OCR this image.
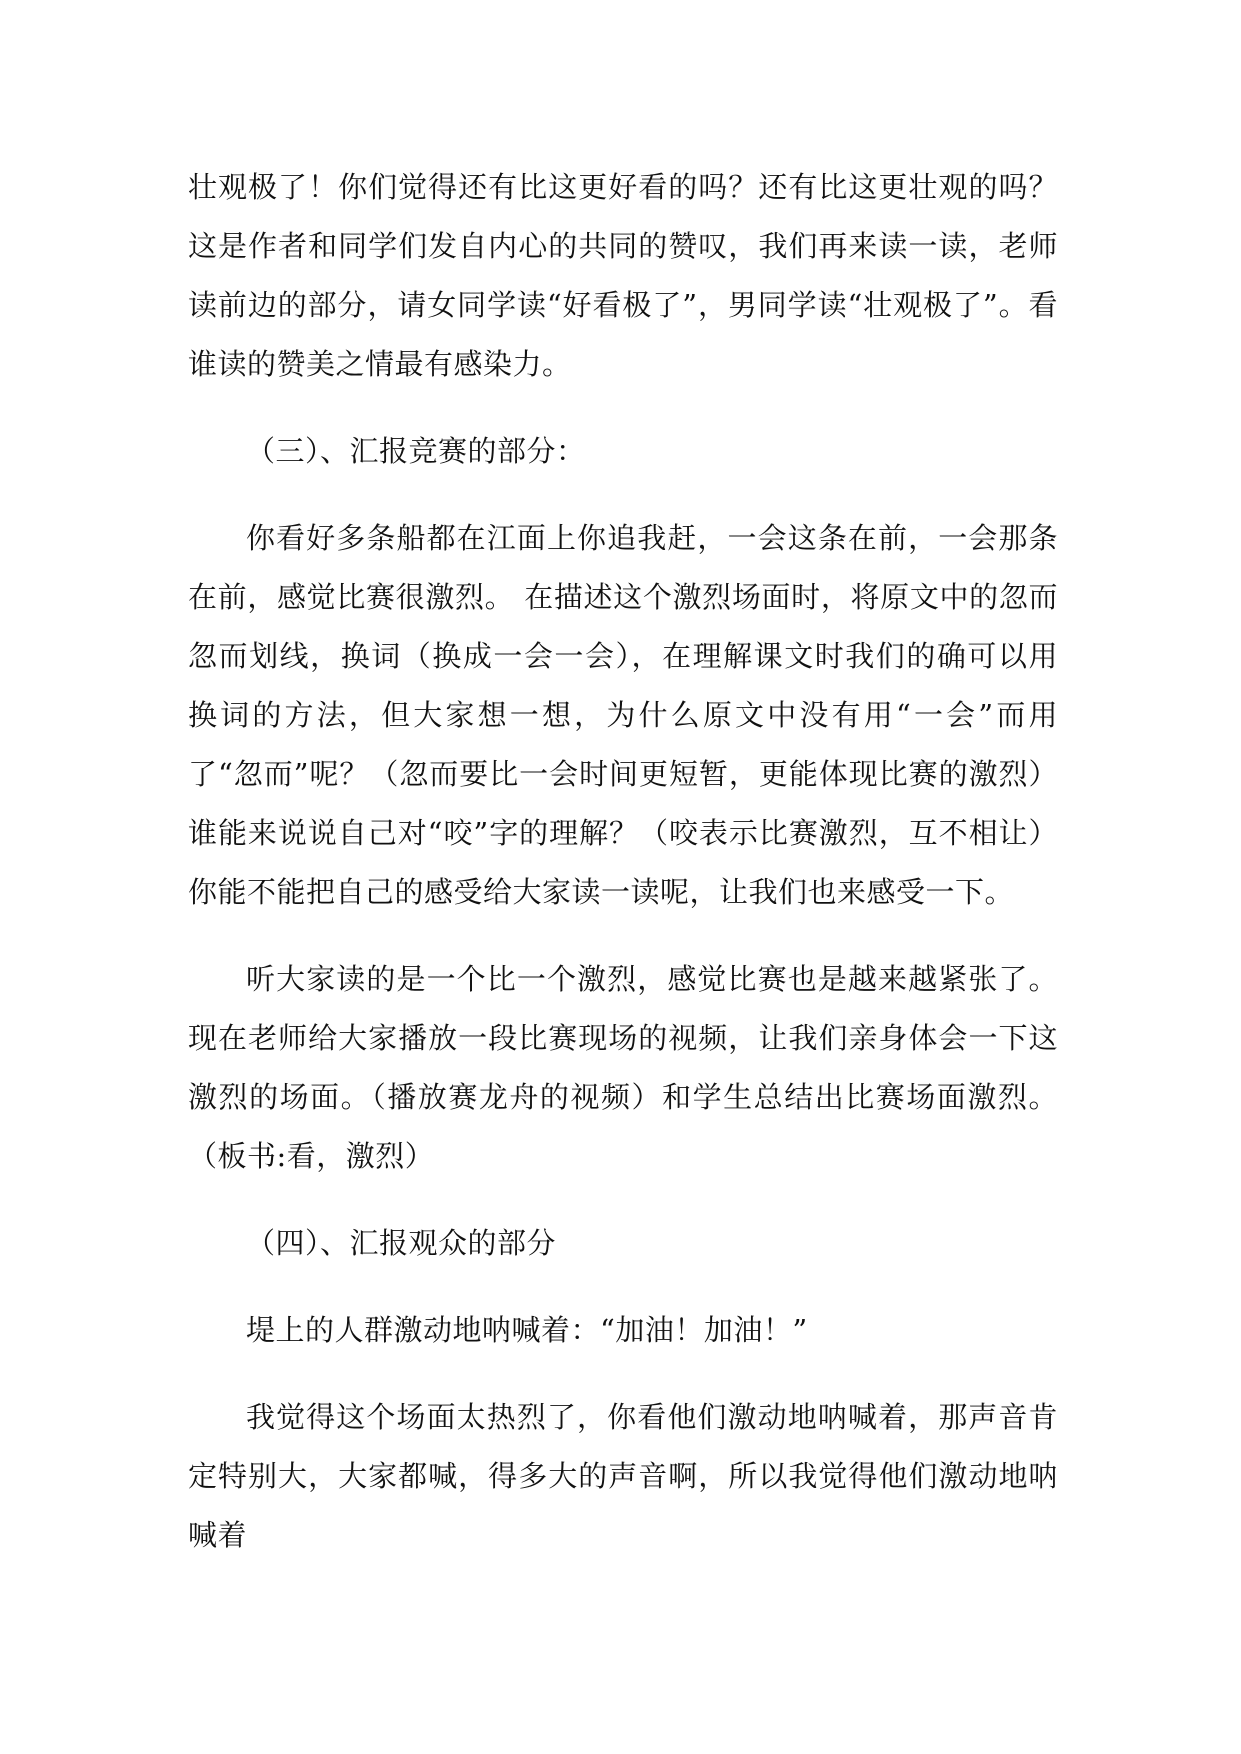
壮观极了！你们觉得还有比这更好看的吗？还有比这更壮观的吗？这是作者和同学们发自内心的共同的赞叹，我们再来读一读，老师读前边的部分，请女同学读“好看极了”，男同学读“壮观极了”。看谁读的赞美之情最有感染力。

（三）、汇报竞赛的部分：

你看好多条船都在江面上你追我赶，一会这条在前，一会那条在前，感觉比赛很激烈。 在描述这个激烈场面时，将原文中的忽而忽而划线，换词（换成一会一会），在理解课文时我们的确可以用换词的方法，但大家想一想，为什么原文中没有用“一会”而用了“忽而”呢？（忽而要比一会时间更短暂，更能体现比赛的激烈）谁能来说说自己对“咬”字的理解？（咬表示比赛激烈，互不相让）你能不能把自己的感受给大家读一读呢，让我们也来感受一下。

听大家读的是一个比一个激烈，感觉比赛也是越来越紧张了。现在老师给大家播放一段比赛现场的视频，让我们亲身体会一下这激烈的场面。（播放赛龙舟的视频）和学生总结出比赛场面激烈。（板书:看，激烈）

（四）、汇报观众的部分

堤上的人群激动地呐喊着：“加油！加油！”

我觉得这个场面太热烈了，你看他们激动地呐喊着，那声音肯定特别大，大家都喊，得多大的声音啊，所以我觉得他们激动地呐喊着
